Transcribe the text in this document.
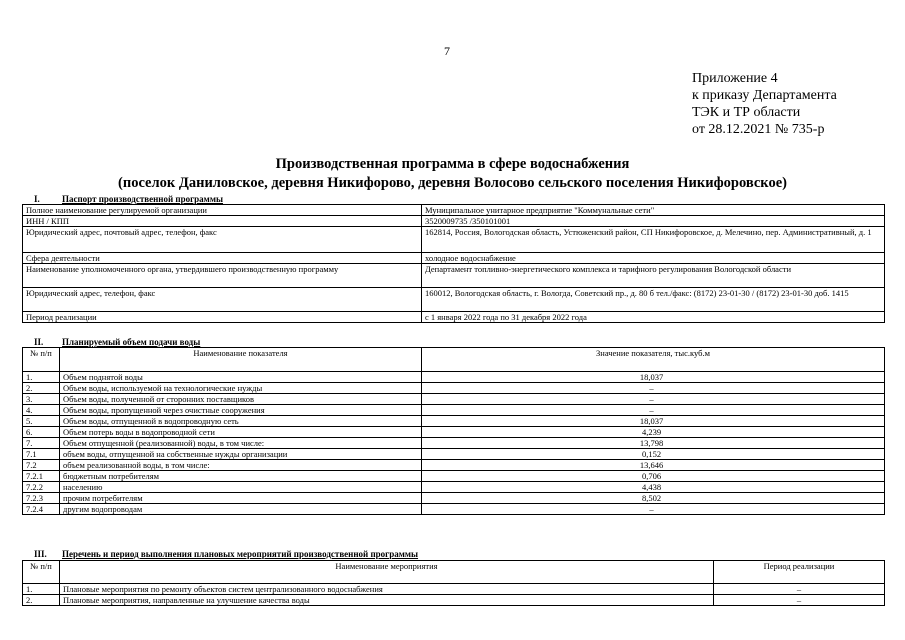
7
Приложение 4
к приказу Департамента
ТЭК и ТР области
от 28.12.2021 № 735-р
Производственная программа в сфере водоснабжения
(поселок Даниловское, деревня Никифорово, деревня Волосово сельского поселения Никифоровское)
I. Паспорт производственной программы
Полное наименование регулируемой организации	Муниципальное унитарное предприятие "Коммунальные сети"
ИНН / КПП	3520009735 /350101001
Юридический адрес, почтовый адрес, телефон, факс	162814, Россия, Вологодская область, Устюженский район, СП Никифоровское, д. Мелечино, пер. Административный, д. 1
Сфера деятельности	холодное водоснабжение
Наименование уполномоченного органа, утвердившего производственную программу	Департамент топливно-энергетического комплекса и тарифного регулирования Вологодской области
Юридический адрес, телефон, факс	160012, Вологодская область, г. Вологда, Советский пр., д. 80 б тел./факс: (8172) 23-01-30 / (8172) 23-01-30 доб. 1415
Период реализации	с 1 января 2022 года по 31 декабря 2022 года
II. Планируемый объем подачи воды
№ п/п	Наименование показателя	Значение показателя, тыс.куб.м
1.	Объем поднятой воды	18,037
2.	Объем воды, используемой на технологические нужды	–
3.	Объем воды, полученной от сторонних поставщиков	–
4.	Объем воды, пропущенной через очистные сооружения	–
5.	Объем воды, отпущенной в водопроводную сеть	18,037
6.	Объем потерь воды в водопроводной сети	4,239
7.	Объем отпущенной (реализованной) воды, в том числе:	13,798
7.1	объем воды, отпущенной на собственные нужды организации	0,152
7.2	объем реализованной воды, в том числе:	13,646
7.2.1	бюджетным потребителям	0,706
7.2.2	населению	4,438
7.2.3	прочим потребителям	8,502
7.2.4	другим водопроводам	–
III. Перечень и период выполнения плановых мероприятий производственной программы
№ п/п	Наименование мероприятия	Период реализации
1.	Плановые мероприятия по ремонту объектов систем централизованного водоснабжения	–
2.	Плановые мероприятия, направленные на улучшение качества воды	–
